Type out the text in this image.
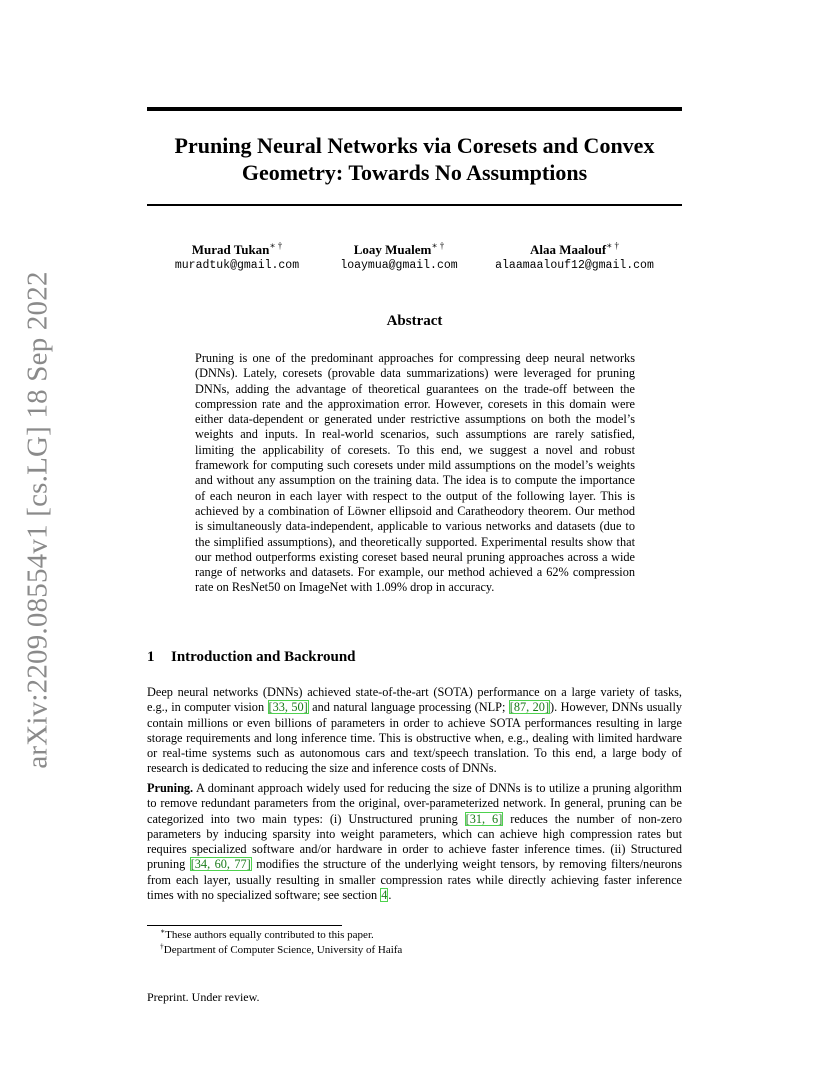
arXiv:2209.08554v1 [cs.LG] 18 Sep 2022
Pruning Neural Networks via Coresets and Convex
Geometry: Towards No Assumptions
Murad Tukan∗ †
muradtuk@gmail.com
Loay Mualem∗ †
loaymua@gmail.com
Alaa Maalouf∗ †
alaamaalouf12@gmail.com
Abstract
Pruning is one of the predominant approaches for compressing deep neural networks (DNNs). Lately, coresets (provable data summarizations) were leveraged for pruning DNNs, adding the advantage of theoretical guarantees on the trade-off between the compression rate and the approximation error. However, coresets in this domain were either data-dependent or generated under restrictive assumptions on both the model’s weights and inputs. In real-world scenarios, such assumptions are rarely satisfied, limiting the applicability of coresets. To this end, we suggest a novel and robust framework for computing such coresets under mild assumptions on the model’s weights and without any assumption on the training data. The idea is to compute the importance of each neuron in each layer with respect to the output of the following layer. This is achieved by a combination of Löwner ellipsoid and Caratheodory theorem. Our method is simultaneously data-independent, applicable to various networks and datasets (due to the simplified assumptions), and theoretically supported. Experimental results show that our method outperforms existing coreset based neural pruning approaches across a wide range of networks and datasets. For example, our method achieved a 62% compression rate on ResNet50 on ImageNet with 1.09% drop in accuracy.
1 Introduction and Backround
Deep neural networks (DNNs) achieved state-of-the-art (SOTA) performance on a large variety of tasks, e.g., in computer vision [33, 50] and natural language processing (NLP; [87, 20]). However, DNNs usually contain millions or even billions of parameters in order to achieve SOTA performances resulting in large storage requirements and long inference time. This is obstructive when, e.g., dealing with limited hardware or real-time systems such as autonomous cars and text/speech translation. To this end, a large body of research is dedicated to reducing the size and inference costs of DNNs.
Pruning. A dominant approach widely used for reducing the size of DNNs is to utilize a pruning algorithm to remove redundant parameters from the original, over-parameterized network. In general, pruning can be categorized into two main types: (i) Unstructured pruning [31, 6] reduces the number of non-zero parameters by inducing sparsity into weight parameters, which can achieve high compression rates but requires specialized software and/or hardware in order to achieve faster inference times. (ii) Structured pruning [34, 60, 77] modifies the structure of the underlying weight tensors, by removing filters/neurons from each layer, usually resulting in smaller compression rates while directly achieving faster inference times with no specialized software; see section 4.
∗These authors equally contributed to this paper.
†Department of Computer Science, University of Haifa
Preprint. Under review.
